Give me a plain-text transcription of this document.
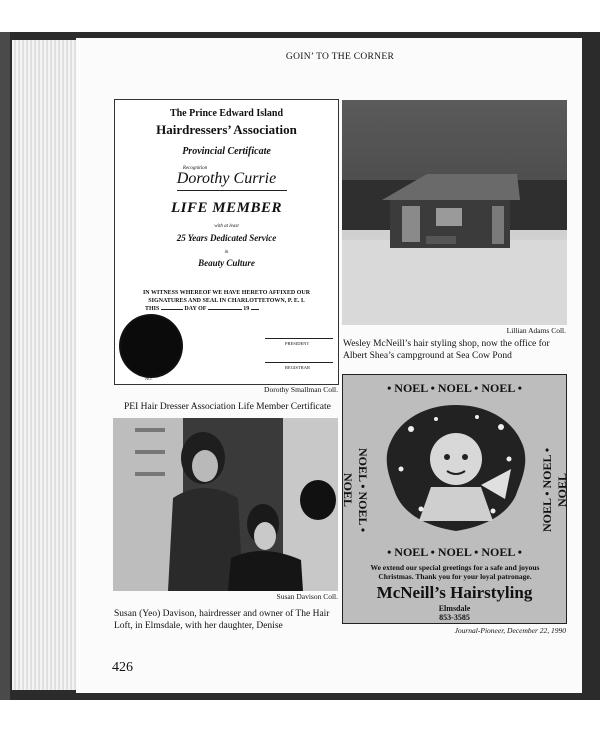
GOIN’ TO THE CORNER
The Prince Edward Island
Hairdressers’ Association
Provincial Certificate
Recognition
Dorothy Currie
LIFE MEMBER
with at least
25 Years Dedicated Service
in
Beauty Culture
IN WITNESS WHEREOF WE HAVE HERETO AFFIXED OUR
SIGNATURES AND SEAL IN CHARLOTTETOWN, P. E. I.
THIS	DAY OF	19
PRESIDENT
REGISTRAR
NO.
Dorothy Smallman Coll.
PEI Hair Dresser Association Life Member Certificate
Lillian Adams Coll.
Wesley McNeill’s hair styling shop, now the office for Albert Shea’s campground at Sea Cow Pond
• NOEL • NOEL • NOEL •
NOEL • NOEL • NOEL	NOEL • NOEL • NOEL
• NOEL • NOEL • NOEL •
We extend our special greetings for a safe and joyous Christmas. Thank you for your loyal patronage.
McNeill’s Hairstyling
Elmsdale
853-3585
Journal-Pioneer, December 22, 1990
Susan Davison Coll.
Susan (Yeo) Davison, hairdresser and owner of The Hair Loft, in Elmsdale, with her daughter, Denise
426
